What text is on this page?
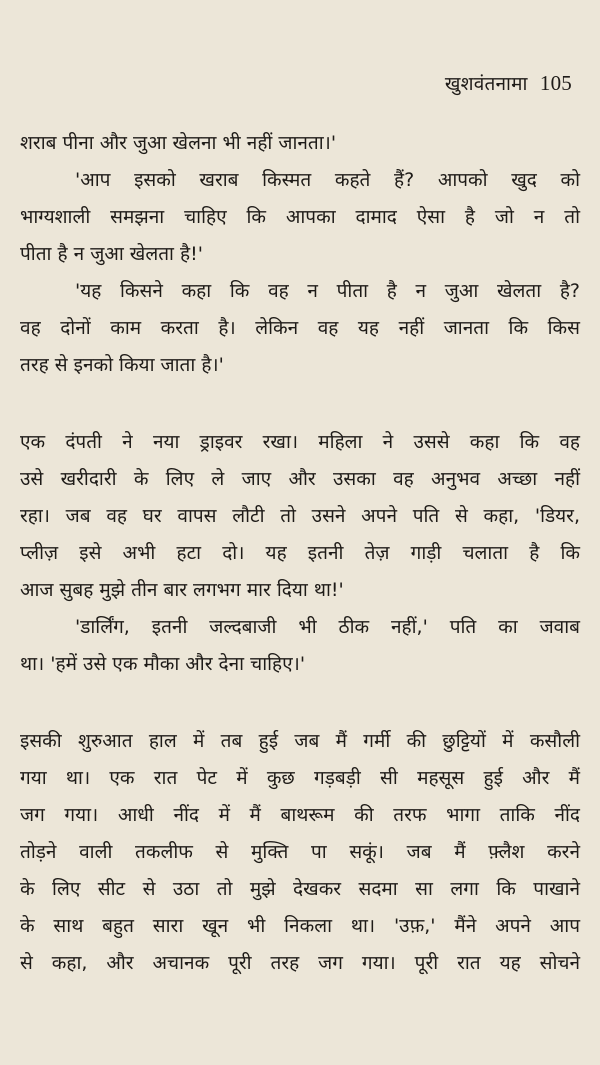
खुशवंतनामा 105
शराब पीना और जुआ खेलना भी नहीं जानता।'
'आप इसको खराब किस्मत कहते हैं? आपको खुद को
भाग्यशाली समझना चाहिए कि आपका दामाद ऐसा है जो न तो
पीता है न जुआ खेलता है!'
'यह किसने कहा कि वह न पीता है न जुआ खेलता है?
वह दोनों काम करता है। लेकिन वह यह नहीं जानता कि किस
तरह से इनको किया जाता है।'
एक दंपती ने नया ड्राइवर रखा। महिला ने उससे कहा कि वह
उसे खरीदारी के लिए ले जाए और उसका वह अनुभव अच्छा नहीं
रहा। जब वह घर वापस लौटी तो उसने अपने पति से कहा, 'डियर,
प्लीज़ इसे अभी हटा दो। यह इतनी तेज़ गाड़ी चलाता है कि
आज सुबह मुझे तीन बार लगभग मार दिया था!'
'डार्लिंग, इतनी जल्दबाजी भी ठीक नहीं,' पति का जवाब
था। 'हमें उसे एक मौका और देना चाहिए।'
इसकी शुरुआत हाल में तब हुई जब मैं गर्मी की छुट्टियों में कसौली
गया था। एक रात पेट में कुछ गड़बड़ी सी महसूस हुई और मैं
जग गया। आधी नींद में मैं बाथरूम की तरफ भागा ताकि नींद
तोड़ने वाली तकलीफ से मुक्ति पा सकूं। जब मैं फ़्लैश करने
के लिए सीट से उठा तो मुझे देखकर सदमा सा लगा कि पाखाने
के साथ बहुत सारा खून भी निकला था। 'उफ़,' मैंने अपने आप
से कहा, और अचानक पूरी तरह जग गया। पूरी रात यह सोचने
